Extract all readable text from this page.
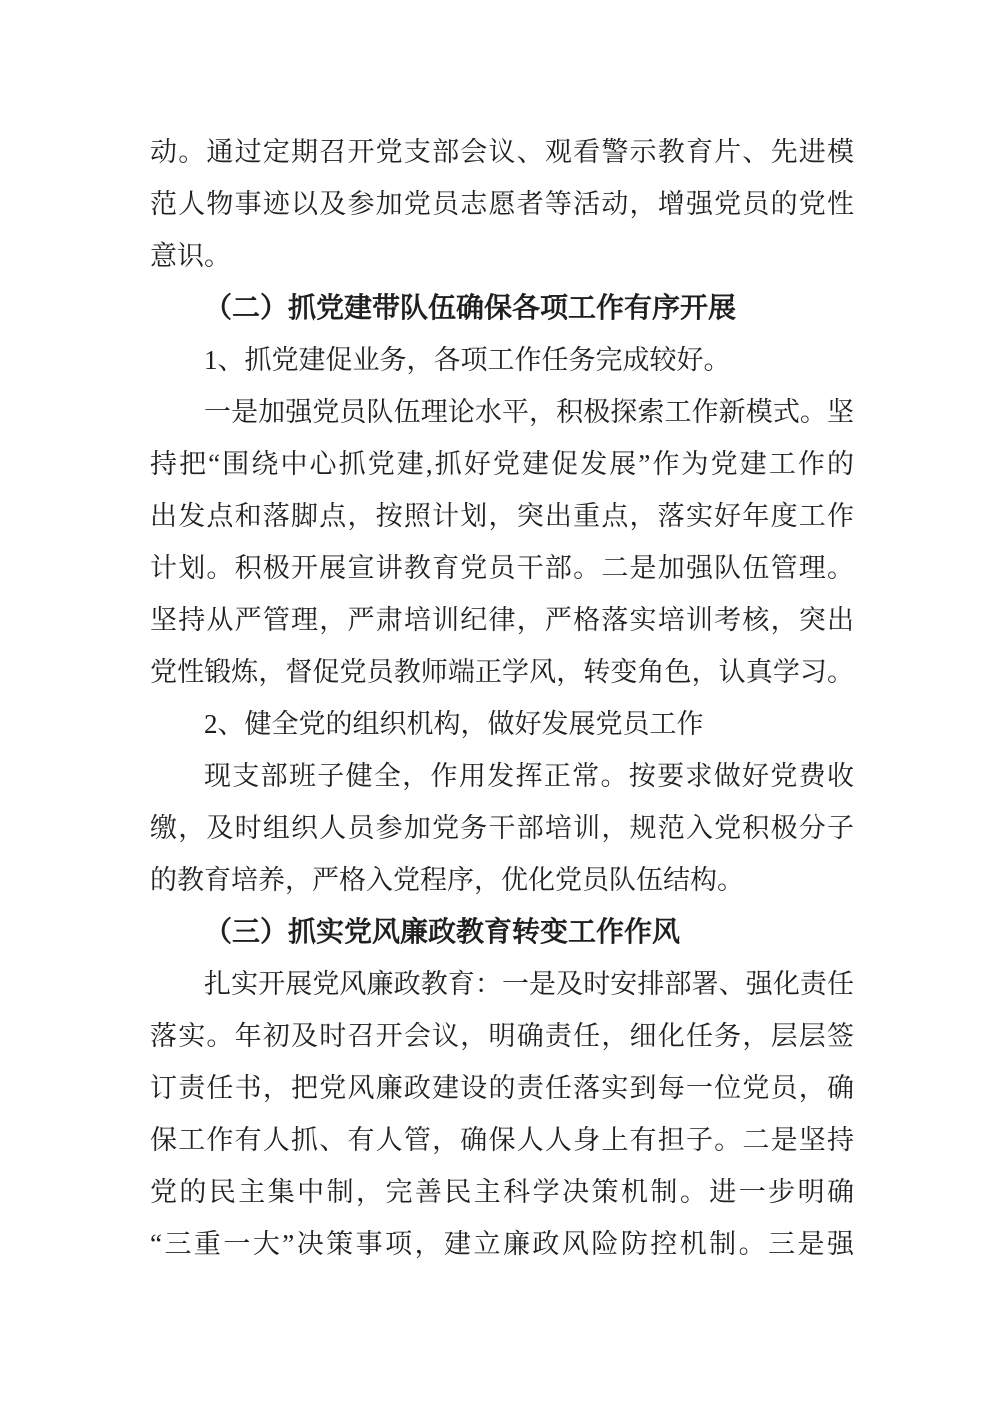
动。通过定期召开党支部会议、观看警示教育片、先进模
范人物事迹以及参加党员志愿者等活动，增强党员的党性
意识。
（二）抓党建带队伍确保各项工作有序开展
1、抓党建促业务，各项工作任务完成较好。
一是加强党员队伍理论水平，积极探索工作新模式。坚
持把“围绕中心抓党建,抓好党建促发展”作为党建工作的
出发点和落脚点，按照计划，突出重点，落实好年度工作
计划。积极开展宣讲教育党员干部。二是加强队伍管理。
坚持从严管理，严肃培训纪律，严格落实培训考核，突出
党性锻炼，督促党员教师端正学风，转变角色，认真学习。
2、健全党的组织机构，做好发展党员工作
现支部班子健全，作用发挥正常。按要求做好党费收
缴，及时组织人员参加党务干部培训，规范入党积极分子
的教育培养，严格入党程序，优化党员队伍结构。
（三）抓实党风廉政教育转变工作作风
扎实开展党风廉政教育：一是及时安排部署、强化责任
落实。年初及时召开会议，明确责任，细化任务，层层签
订责任书，把党风廉政建设的责任落实到每一位党员，确
保工作有人抓、有人管，确保人人身上有担子。二是坚持
党的民主集中制，完善民主科学决策机制。进一步明确
“三重一大”决策事项，建立廉政风险防控机制。三是强
